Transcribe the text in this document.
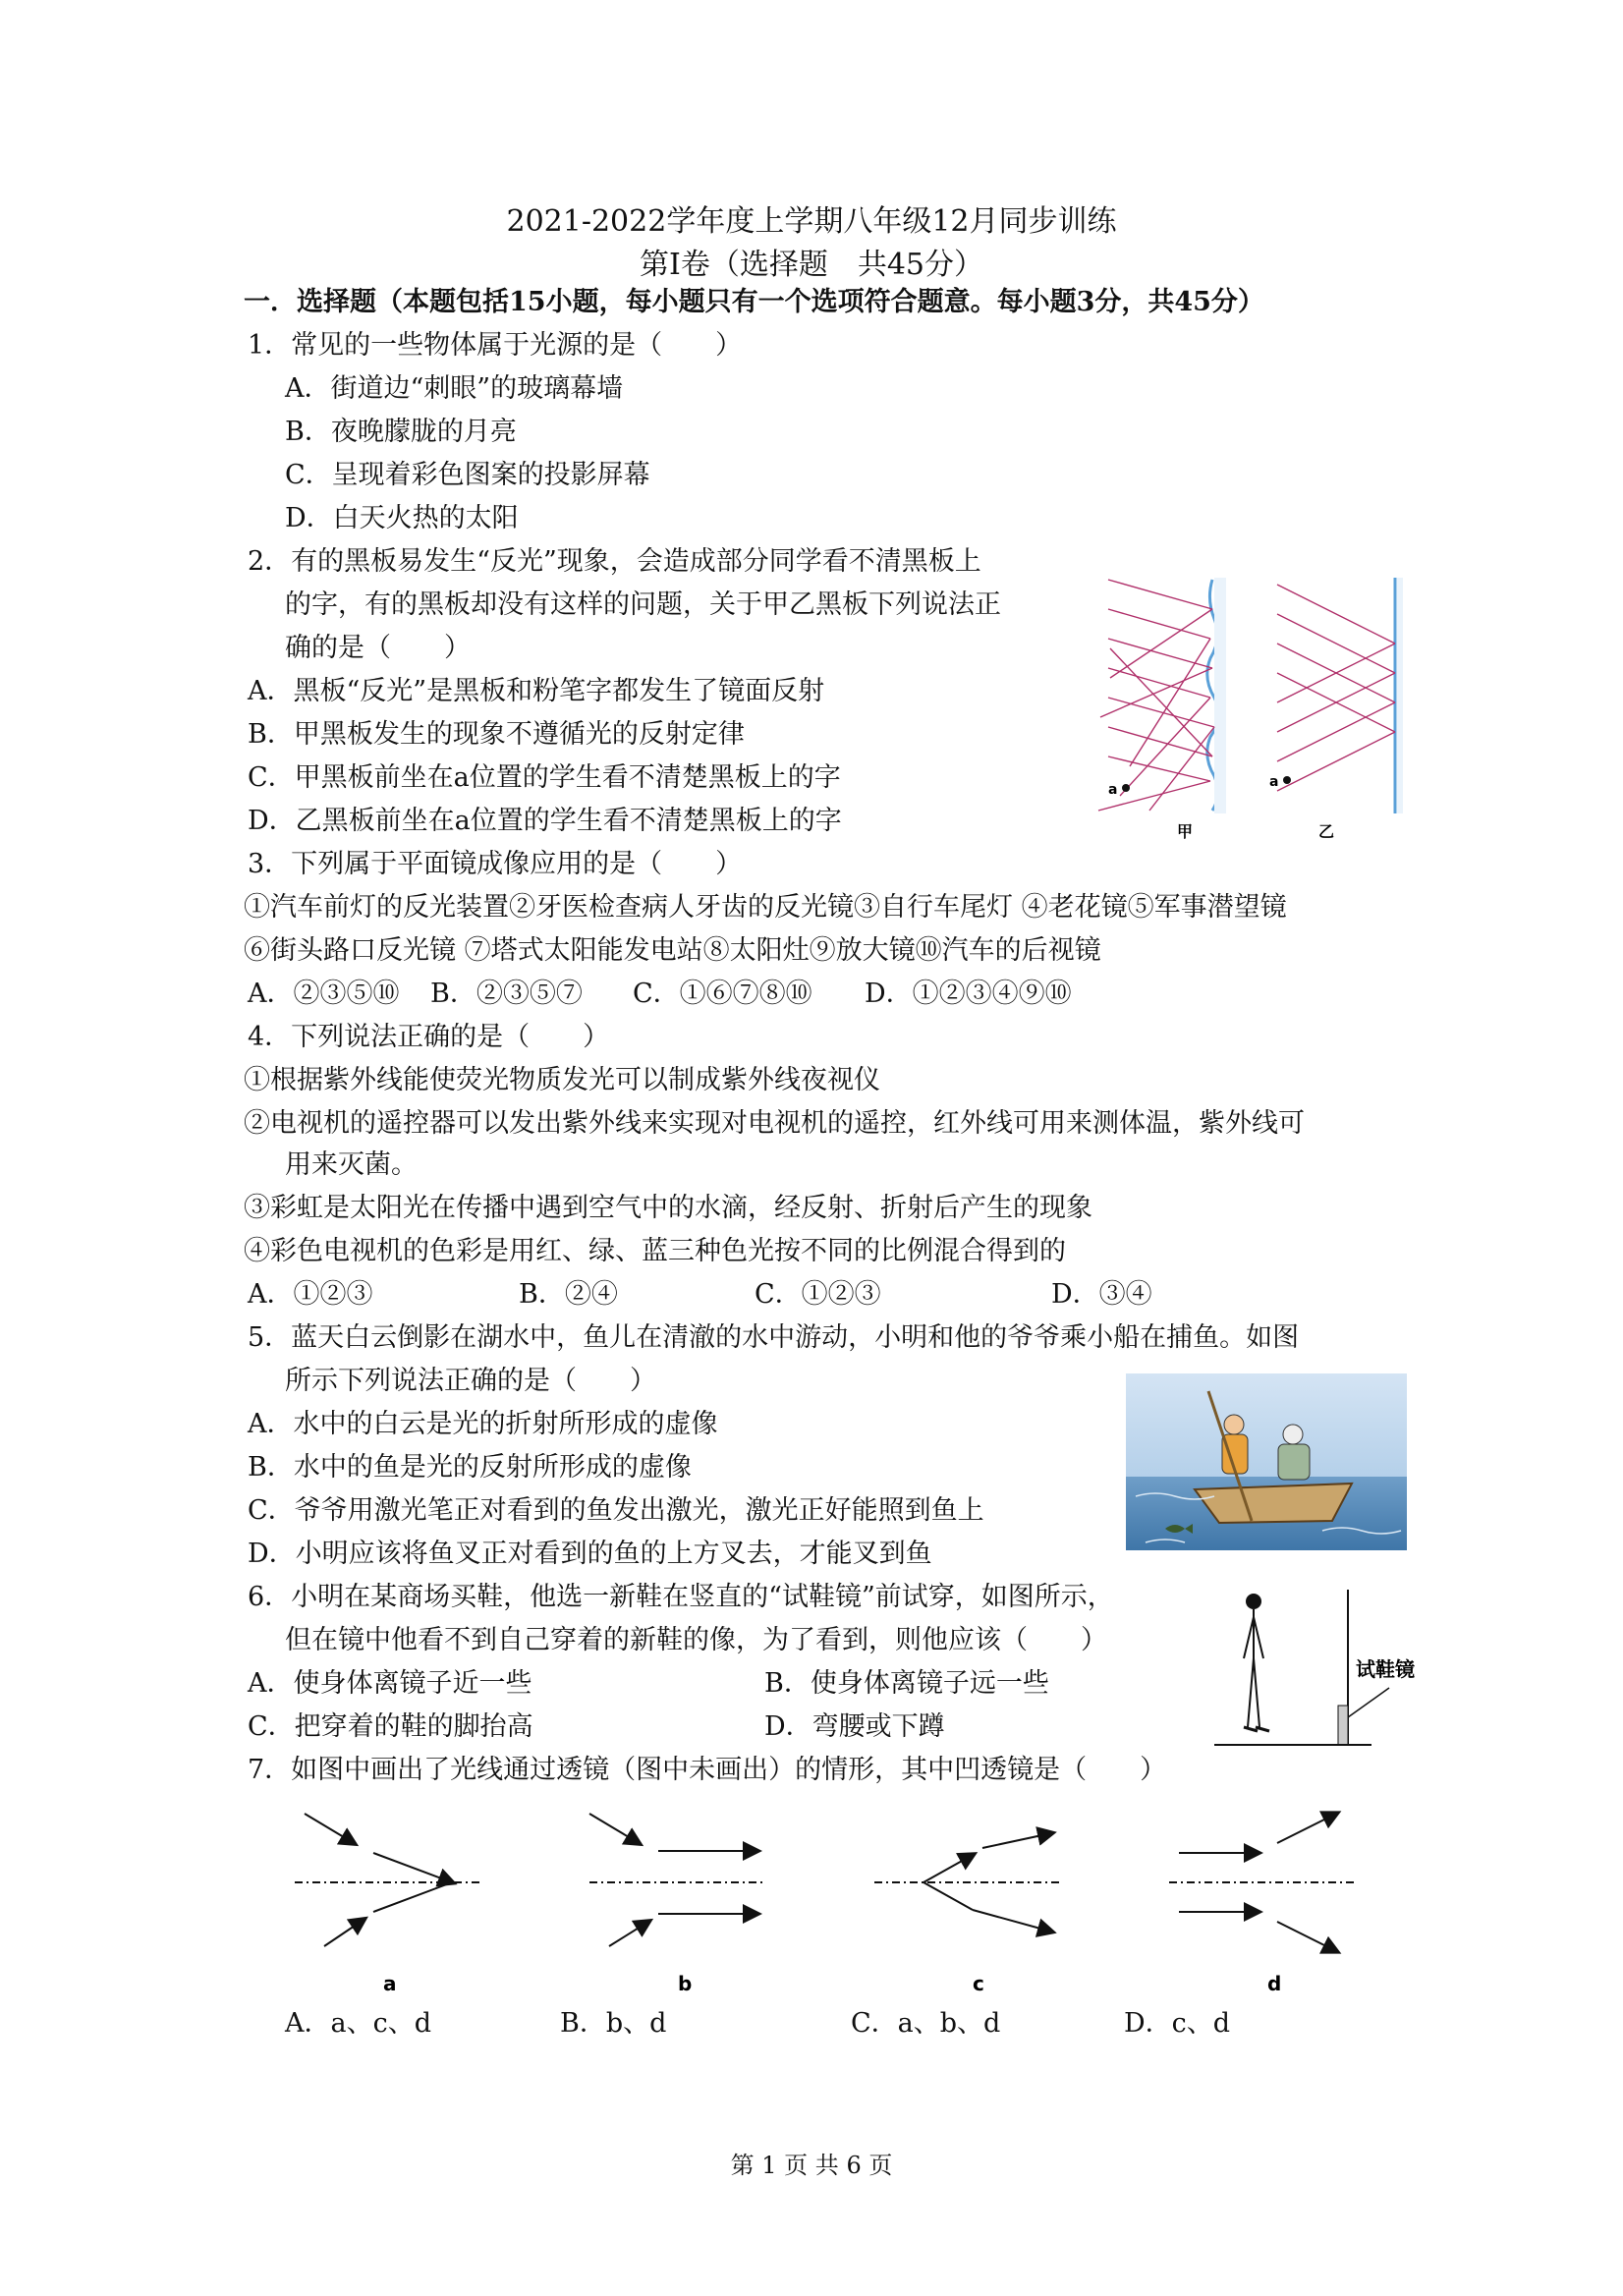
2021-2022学年度上学期八年级12月同步训练
第Ⅰ卷（选择题　共45分）
一．选择题（本题包括15小题，每小题只有一个选项符合题意。每小题3分，共45分）
1．常见的一些物体属于光源的是（　　）
A．街道边“刺眼”的玻璃幕墙
B．夜晚朦胧的月亮
C．呈现着彩色图案的投影屏幕
D．白天火热的太阳
2．有的黑板易发生“反光”现象，会造成部分同学看不清黑板上
的字，有的黑板却没有这样的问题，关于甲乙黑板下列说法正
确的是（　　）
A．黑板“反光”是黑板和粉笔字都发生了镜面反射
B．甲黑板发生的现象不遵循光的反射定律
C．甲黑板前坐在a位置的学生看不清楚黑板上的字
D．乙黑板前坐在a位置的学生看不清楚黑板上的字
a
甲
a
乙
3．下列属于平面镜成像应用的是（　　）
①汽车前灯的反光装置②牙医检查病人牙齿的反光镜③自行车尾灯 ④老花镜⑤军事潜望镜
⑥街头路口反光镜 ⑦塔式太阳能发电站⑧太阳灶⑨放大镜⑩汽车的后视镜
A．②③⑤⑩ B．②③⑤⑦ C．①⑥⑦⑧⑩ D．①②③④⑨⑩
4．下列说法正确的是（　　）
①根据紫外线能使荧光物质发光可以制成紫外线夜视仪
②电视机的遥控器可以发出紫外线来实现对电视机的遥控，红外线可用来测体温，紫外线可
用来灭菌。
③彩虹是太阳光在传播中遇到空气中的水滴，经反射、折射后产生的现象
④彩色电视机的色彩是用红、绿、蓝三种色光按不同的比例混合得到的
A．①②③	B．②④	C．①②③	D．③④
5．蓝天白云倒影在湖水中，鱼儿在清澈的水中游动，小明和他的爷爷乘小船在捕鱼。如图
所示下列说法正确的是（　　）
A．水中的白云是光的折射所形成的虚像
B．水中的鱼是光的反射所形成的虚像
C．爷爷用激光笔正对看到的鱼发出激光，激光正好能照到鱼上
D．小明应该将鱼叉正对看到的鱼的上方叉去，才能叉到鱼
6．小明在某商场买鞋，他选一新鞋在竖直的“试鞋镜”前试穿，如图所示，
但在镜中他看不到自己穿着的新鞋的像，为了看到，则他应该（　　）
A．使身体离镜子近一些	B．使身体离镜子远一些
C．把穿着的鞋的脚抬高	D．弯腰或下蹲
试鞋镜
7．如图中画出了光线通过透镜（图中未画出）的情形，其中凹透镜是（　　）
a	b	c	d
A．a、c、d	B．b、d	C．a、b、d	D．c、d
第 1 页 共 6 页
